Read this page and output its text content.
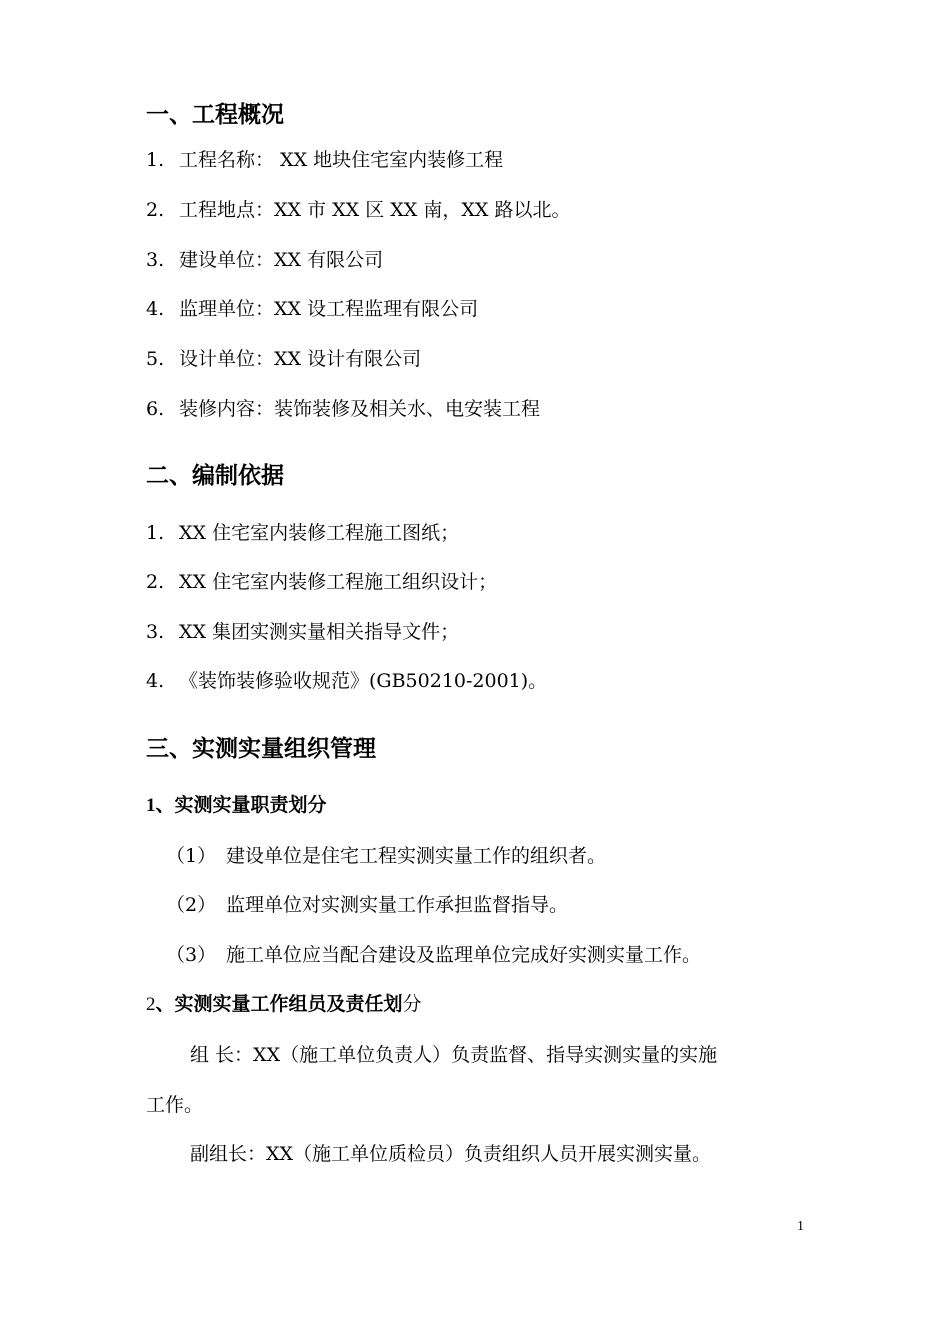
一、工程概况
1. 工程名称： XX 地块住宅室内装修工程
2. 工程地点：XX 市 XX 区 XX 南，XX 路以北。
3. 建设单位：XX 有限公司
4. 监理单位：XX 设工程监理有限公司
5. 设计单位：XX 设计有限公司
6. 装修内容：装饰装修及相关水、电安装工程
二、编制依据
1. XX 住宅室内装修工程施工图纸；
2. XX 住宅室内装修工程施工组织设计；
3. XX 集团实测实量相关指导文件；
4. 《装饰装修验收规范》(GB50210-2001)。
三、实测实量组织管理
1、实测实量职责划分
（1） 建设单位是住宅工程实测实量工作的组织者。
（2） 监理单位对实测实量工作承担监督指导。
（3） 施工单位应当配合建设及监理单位完成好实测实量工作。
2、实测实量工作组员及责任划分
组 长：XX（施工单位负责人）负责监督、指导实测实量的实施
工作。
副组长：XX（施工单位质检员）负责组织人员开展实测实量。
1
